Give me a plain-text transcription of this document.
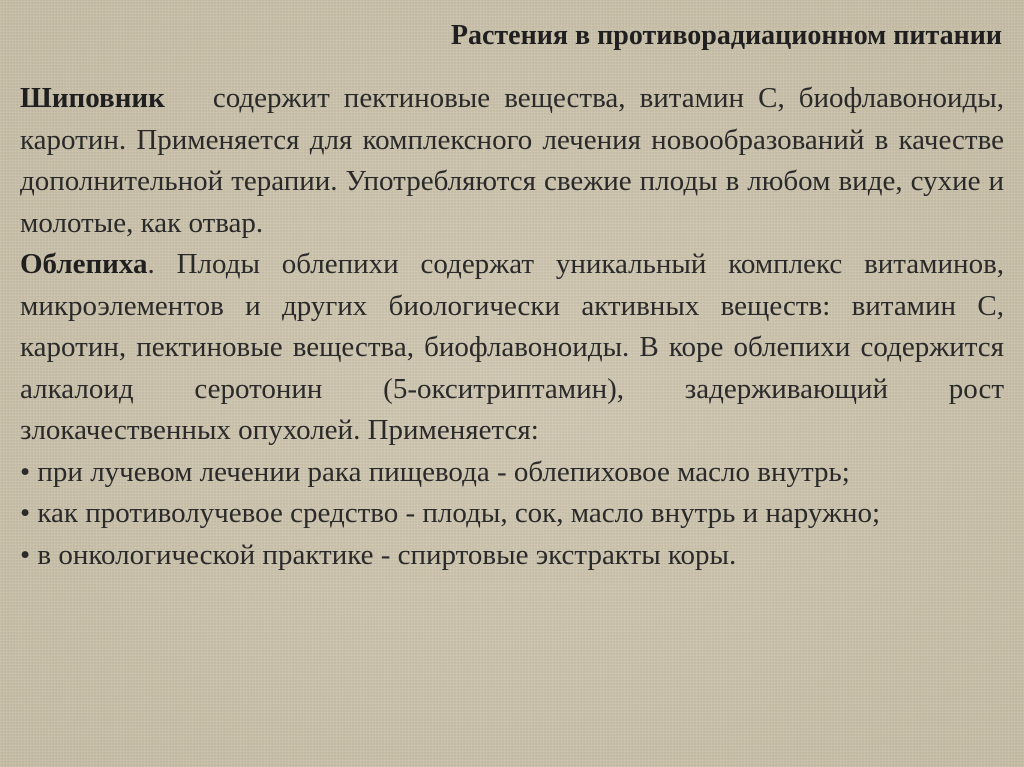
Растения в противорадиационном питании

Шиповник содержит пектиновые вещества, витамин С, биофлавоноиды, каротин. Применяется для комплексного лечения новообразований в качестве дополнительной терапии. Употребляются свежие плоды в любом виде, сухие и молотые, как отвар.

Облепиха. Плоды облепихи содержат уникальный комплекс витаминов, микроэлементов и других биологически активных веществ: витамин С, каротин, пектиновые вещества, биофлавоноиды. В коре облепихи содержится алкалоид серотонин (5-окситриптамин), задерживающий рост злокачественных опухолей. Применяется:

• при лучевом лечении рака пищевода - облепиховое масло внутрь;

• как противолучевое средство - плоды, сок, масло внутрь и наружно;

• в онкологической практике - спиртовые экстракты коры.
